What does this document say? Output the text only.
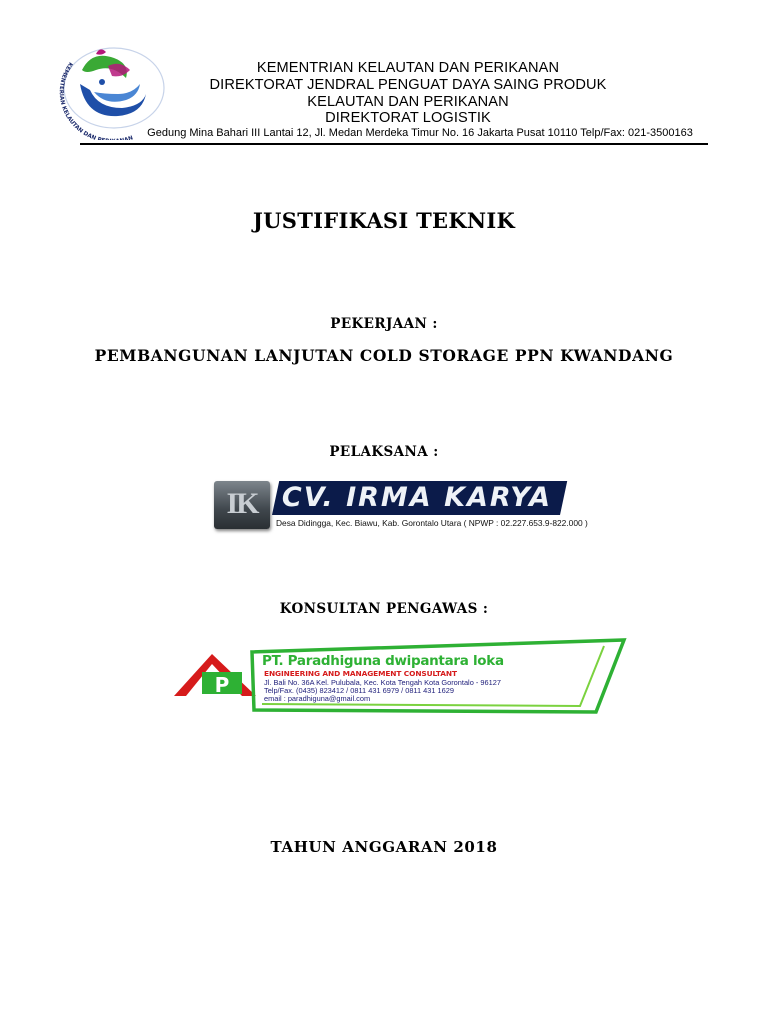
KEMENTERIAN KELAUTAN DAN N
KEMENTRIAN KELAUTAN DAN PERIKANAN
DIREKTORAT JENDRAL PENGUAT DAYA SAING PRODUK
KELAUTAN DAN PERIKANAN
DIREKTORAT LOGISTIK
Gedung Mina Bahari III Lantai 12, Jl. Medan Merdeka Timur No. 16 Jakarta Pusat 10110 Telp/Fax: 021-3500163
JUSTIFIKASI TEKNIK
PEKERJAAN :
PEMBANGUNAN LANJUTAN COLD STORAGE PPN KWANDANG
PELAKSANA :
IK CV. IRMA KARYA
Desa Didingga, Kec. Biawu, Kab. Gorontalo Utara ( NPWP : 02.227.653.9-822.000 )
KONSULTAN PENGAWAS :
P
PT. Paradhiguna dwipantara loka
ENGINEERING AND MANAGEMENT CONSULTANT
Jl. Bali No. 36A Kel. Pulubala, Kec. Kota Tengah Kota Gorontalo - 96127
Telp/Fax. (0435) 823412 / 0811 431 6979 / 0811 431 1629
email : paradhiguna@gmail.com
TAHUN ANGGARAN 2018
